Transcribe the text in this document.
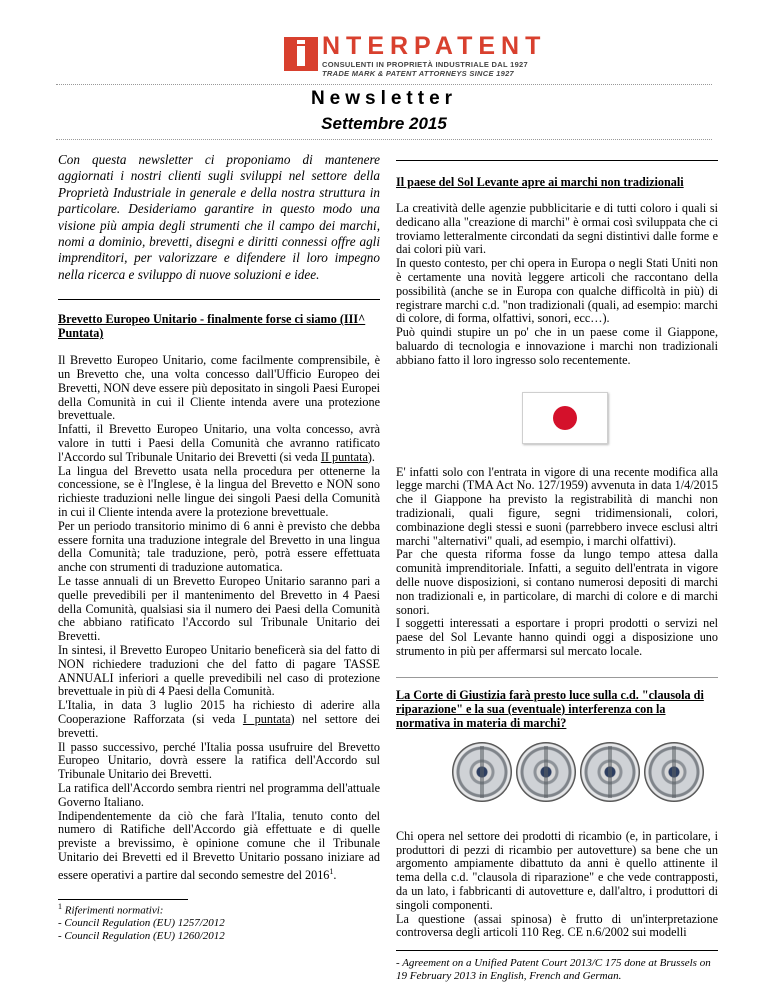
NTERPATENT
CONSULENTI IN PROPRIETÀ INDUSTRIALE DAL 1927
TRADE MARK & PATENT ATTORNEYS SINCE 1927
Newsletter
Settembre 2015

Con questa newsletter ci proponiamo di mantenere aggiornati i nostri clienti sugli sviluppi nel settore della Proprietà Industriale in generale e della nostra struttura in particolare. Desideriamo garantire in questo modo una visione più ampia degli strumenti che il campo dei marchi, nomi a dominio, brevetti, disegni e diritti connessi offre agli imprenditori, per valorizzare e difendere il loro impegno nella ricerca e sviluppo di nuove soluzioni e idee.

Brevetto Europeo Unitario - finalmente forse ci siamo (III^ Puntata)

Il Brevetto Europeo Unitario, come facilmente comprensibile, è un Brevetto che, una volta concesso dall'Ufficio Europeo dei Brevetti, NON deve essere più depositato in singoli Paesi Europei della Comunità in cui il Cliente intenda avere una protezione brevettuale.

Infatti, il Brevetto Europeo Unitario, una volta concesso, avrà valore in tutti i Paesi della Comunità che avranno ratificato l'Accordo sul Tribunale Unitario dei Brevetti (si veda II puntata).

La lingua del Brevetto usata nella procedura per ottenerne la concessione, se è l'Inglese, è la lingua del Brevetto e NON sono richieste traduzioni nelle lingue dei singoli Paesi della Comunità in cui il Cliente intenda avere la protezione brevettuale.

Per un periodo transitorio minimo di 6 anni è previsto che debba essere fornita una traduzione integrale del Brevetto in una lingua della Comunità; tale traduzione, però, potrà essere effettuata anche con strumenti di traduzione automatica.

Le tasse annuali di un Brevetto Europeo Unitario saranno pari a quelle prevedibili per il mantenimento del Brevetto in 4 Paesi della Comunità, qualsiasi sia il numero dei Paesi della Comunità che abbiano ratificato l'Accordo sul Tribunale Unitario dei Brevetti.

In sintesi, il Brevetto Europeo Unitario beneficerà sia del fatto di NON richiedere traduzioni che del fatto di pagare TASSE ANNUALI inferiori a quelle prevedibili nel caso di protezione brevettuale in più di 4 Paesi della Comunità.

L'Italia, in data 3 luglio 2015 ha richiesto di aderire alla Cooperazione Rafforzata (si veda I puntata) nel settore dei brevetti.

Il passo successivo, perché l'Italia possa usufruire del Brevetto Europeo Unitario, dovrà essere la ratifica dell'Accordo sul Tribunale Unitario dei Brevetti.

La ratifica dell'Accordo sembra rientri nel programma dell'attuale Governo Italiano.

Indipendentemente da ciò che farà l'Italia, tenuto conto del numero di Ratifiche dell'Accordo già effettuate e di quelle previste a brevissimo, è opinione comune che il Tribunale Unitario dei Brevetti ed il Brevetto Unitario possano iniziare ad essere operativi a partire dal secondo semestre del 2016$^1$.

$^1$ Riferimenti normativi:

- Council Regulation (EU) 1257/2012

- Council Regulation (EU) 1260/2012

Il paese del Sol Levante apre ai marchi non tradizionali

La creatività delle agenzie pubblicitarie e di tutti coloro i quali si dedicano alla "creazione di marchi" è ormai così sviluppata che ci troviamo letteralmente circondati da segni distintivi dalle forme e dai colori più vari.

In questo contesto, per chi opera in Europa o negli Stati Uniti non è certamente una novità leggere articoli che raccontano della possibilità (anche se in Europa con qualche difficoltà in più) di registrare marchi c.d. "non tradizionali (quali, ad esempio: marchi di colore, di forma, olfattivi, sonori, ecc…).

Può quindi stupire un po' che in un paese come il Giappone, baluardo di tecnologia e innovazione i marchi non tradizionali abbiano fatto il loro ingresso solo recentemente.

E' infatti solo con l'entrata in vigore di una recente modifica alla legge marchi (TMA Act No. 127/1959) avvenuta in data 1/4/2015 che il Giappone ha previsto la registrabilità di manchi non tradizionali, quali figure, segni tridimensionali, colori, combinazione degli stessi e suoni (parrebbero invece esclusi altri marchi "alternativi" quali, ad esempio, i marchi olfattivi).

Par che questa riforma fosse da lungo tempo attesa dalla comunità imprenditoriale. Infatti, a seguito dell'entrata in vigore delle nuove disposizioni, si contano numerosi depositi di marchi non tradizionali e, in particolare, di marchi di colore e di marchi sonori.

I soggetti interessati a esportare i propri prodotti o servizi nel paese del Sol Levante hanno quindi oggi a disposizione uno strumento in più per affermarsi sul mercato locale.

La Corte di Giustizia farà presto luce sulla c.d. "clausola di riparazione" e la sua (eventuale) interferenza con la normativa in materia di marchi?

Chi opera nel settore dei prodotti di ricambio (e, in particolare, i produttori di pezzi di ricambio per autovetture) sa bene che un argomento ampiamente dibattuto da anni è quello attinente il tema della c.d. "clausola di riparazione" e che vede contrapposti, da un lato, i fabbricanti di autovetture e, dall'altro, i produttori di singoli componenti.

La questione (assai spinosa) è frutto di un'interpretazione controversa degli articoli 110 Reg. CE n.6/2002 sui modelli

- Agreement on a Unified Patent Court 2013/C 175 done at Brussels on 19 February 2013 in English, French and German.
